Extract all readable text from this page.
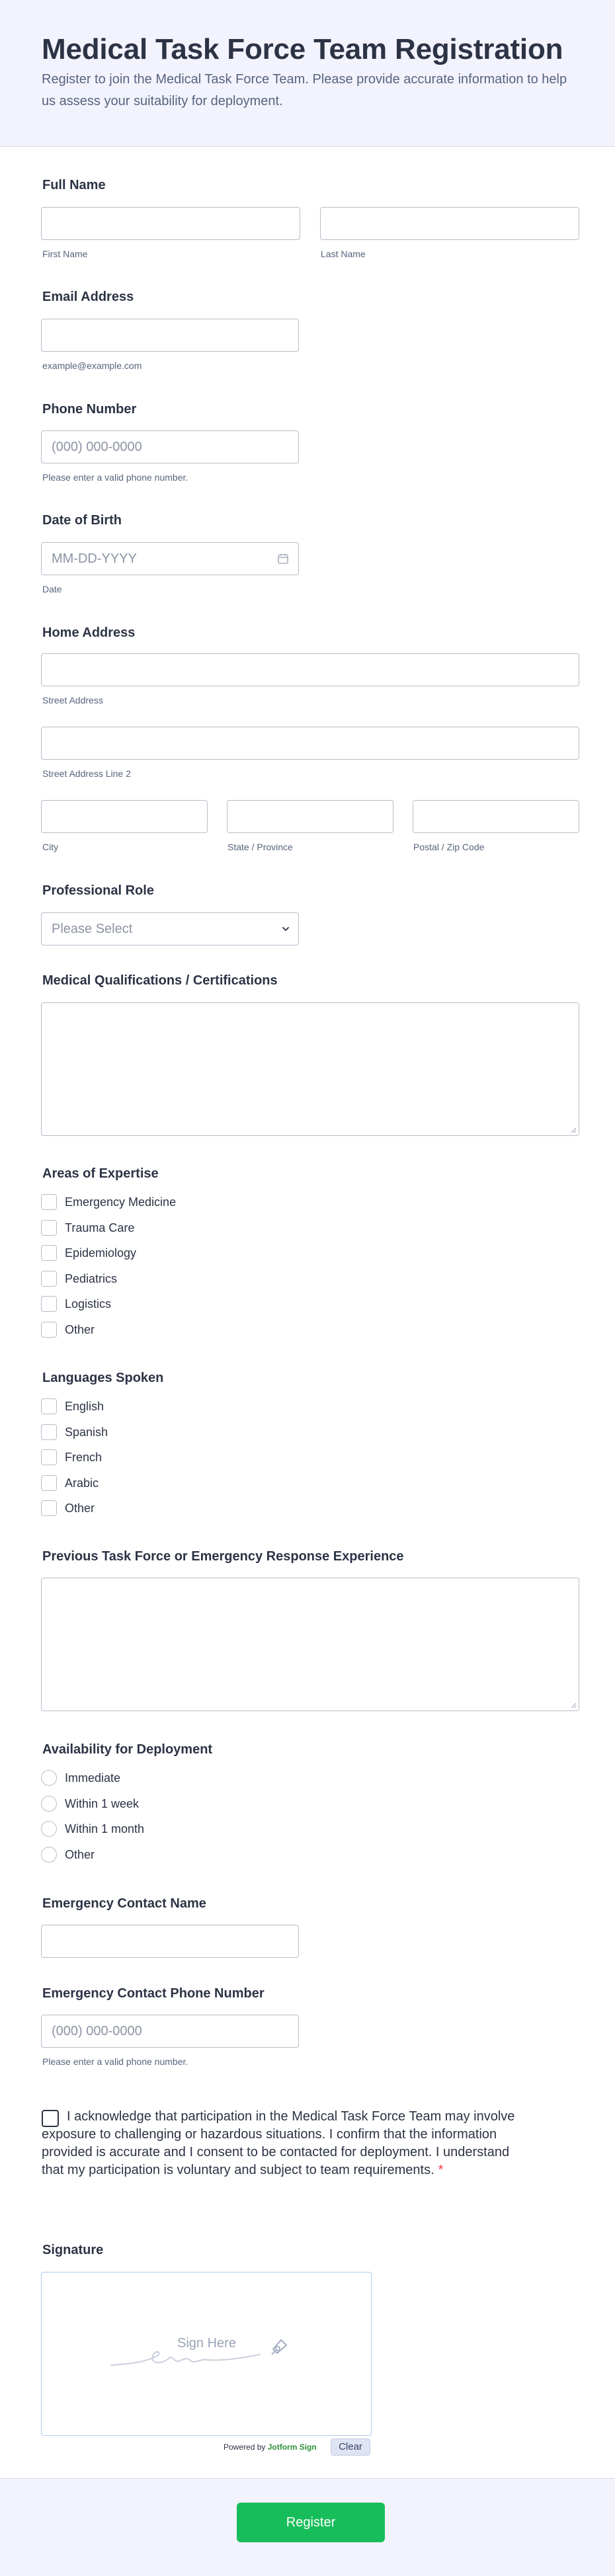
Medical Task Force Team Registration

Register to join the Medical Task Force Team. Please provide accurate information to help us assess your suitability for deployment.

Full Name
First Name	Last Name
Email Address
example@example.com
Phone Number
(000) 000-0000
Please enter a valid phone number.
Date of Birth
MM-DD-YYYY
Date
Home Address
Street Address
Street Address Line 2
City	State / Province	Postal / Zip Code
Professional Role
Please Select
Medical Qualifications / Certifications
Areas of Expertise
Emergency Medicine
Trauma Care
Epidemiology
Pediatrics
Logistics
Other
Languages Spoken
English
Spanish
French
Arabic
Other
Previous Task Force or Emergency Response Experience
Availability for Deployment
Immediate
Within 1 week
Within 1 month
Other
Emergency Contact Name
Emergency Contact Phone Number
(000) 000-0000
Please enter a valid phone number.
I acknowledge that participation in the Medical Task Force Team may involve exposure to challenging or hazardous situations. I confirm that the information provided is accurate and I consent to be contacted for deployment. I understand that my participation is voluntary and subject to team requirements. *
Signature
Sign Here
Powered by Jotform Sign	Clear
Register
